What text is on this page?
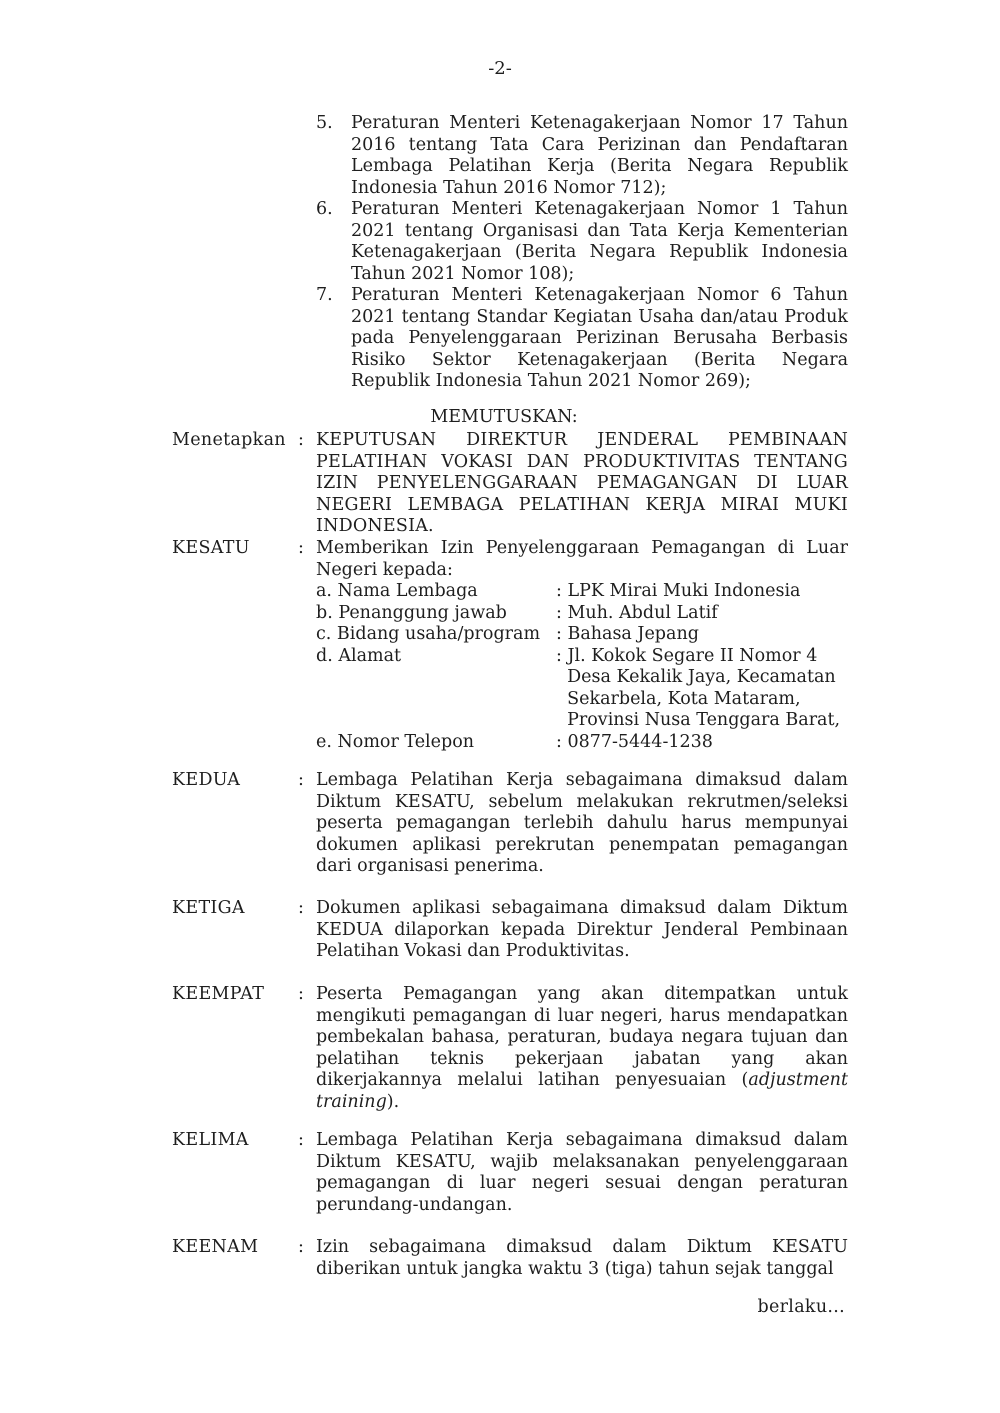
-2-
5.	Peraturan Menteri Ketenagakerjaan Nomor 17 Tahun 2016 tentang Tata Cara Perizinan dan Pendaftaran Lembaga Pelatihan Kerja (Berita Negara Republik Indonesia Tahun 2016 Nomor 712);
6.	Peraturan Menteri Ketenagakerjaan Nomor 1 Tahun 2021 tentang Organisasi dan Tata Kerja Kementerian Ketenagakerjaan (Berita Negara Republik Indonesia Tahun 2021 Nomor 108);
7.	Peraturan Menteri Ketenagakerjaan Nomor 6 Tahun 2021 tentang Standar Kegiatan Usaha dan/atau Produk pada Penyelenggaraan Perizinan Berusaha Berbasis Risiko Sektor Ketenagakerjaan (Berita Negara Republik Indonesia Tahun 2021 Nomor 269);
MEMUTUSKAN:
Menetapkan : KEPUTUSAN DIREKTUR JENDERAL PEMBINAAN PELATIHAN VOKASI DAN PRODUKTIVITAS TENTANG IZIN PENYELENGGARAAN PEMAGANGAN DI LUAR NEGERI LEMBAGA PELATIHAN KERJA MIRAI MUKI INDONESIA.
KESATU	: Memberikan Izin Penyelenggaraan Pemagangan di Luar Negeri kepada:
a. Nama Lembaga	: LPK Mirai Muki Indonesia
b. Penanggung jawab	: Muh. Abdul Latif
c. Bidang usaha/program : Bahasa Jepang
d. Alamat	: Jl. Kokok Segare II Nomor 4
Desa Kekalik Jaya, Kecamatan
Sekarbela, Kota Mataram,
Provinsi Nusa Tenggara Barat,
e. Nomor Telepon	: 0877-5444-1238
KEDUA	: Lembaga Pelatihan Kerja sebagaimana dimaksud dalam Diktum KESATU, sebelum melakukan rekrutmen/seleksi peserta pemagangan terlebih dahulu harus mempunyai dokumen aplikasi perekrutan penempatan pemagangan dari organisasi penerima.
KETIGA	: Dokumen aplikasi sebagaimana dimaksud dalam Diktum KEDUA dilaporkan kepada Direktur Jenderal Pembinaan Pelatihan Vokasi dan Produktivitas.
KEEMPAT	: Peserta Pemagangan yang akan ditempatkan untuk mengikuti pemagangan di luar negeri, harus mendapatkan pembekalan bahasa, peraturan, budaya negara tujuan dan pelatihan teknis pekerjaan jabatan yang akan dikerjakannya melalui latihan penyesuaian (adjustment training).
KELIMA	: Lembaga Pelatihan Kerja sebagaimana dimaksud dalam Diktum KESATU, wajib melaksanakan penyelenggaraan pemagangan di luar negeri sesuai dengan peraturan perundang-undangan.
KEENAM	: Izin sebagaimana dimaksud dalam Diktum KESATU diberikan untuk jangka waktu 3 (tiga) tahun sejak tanggal
berlaku...
